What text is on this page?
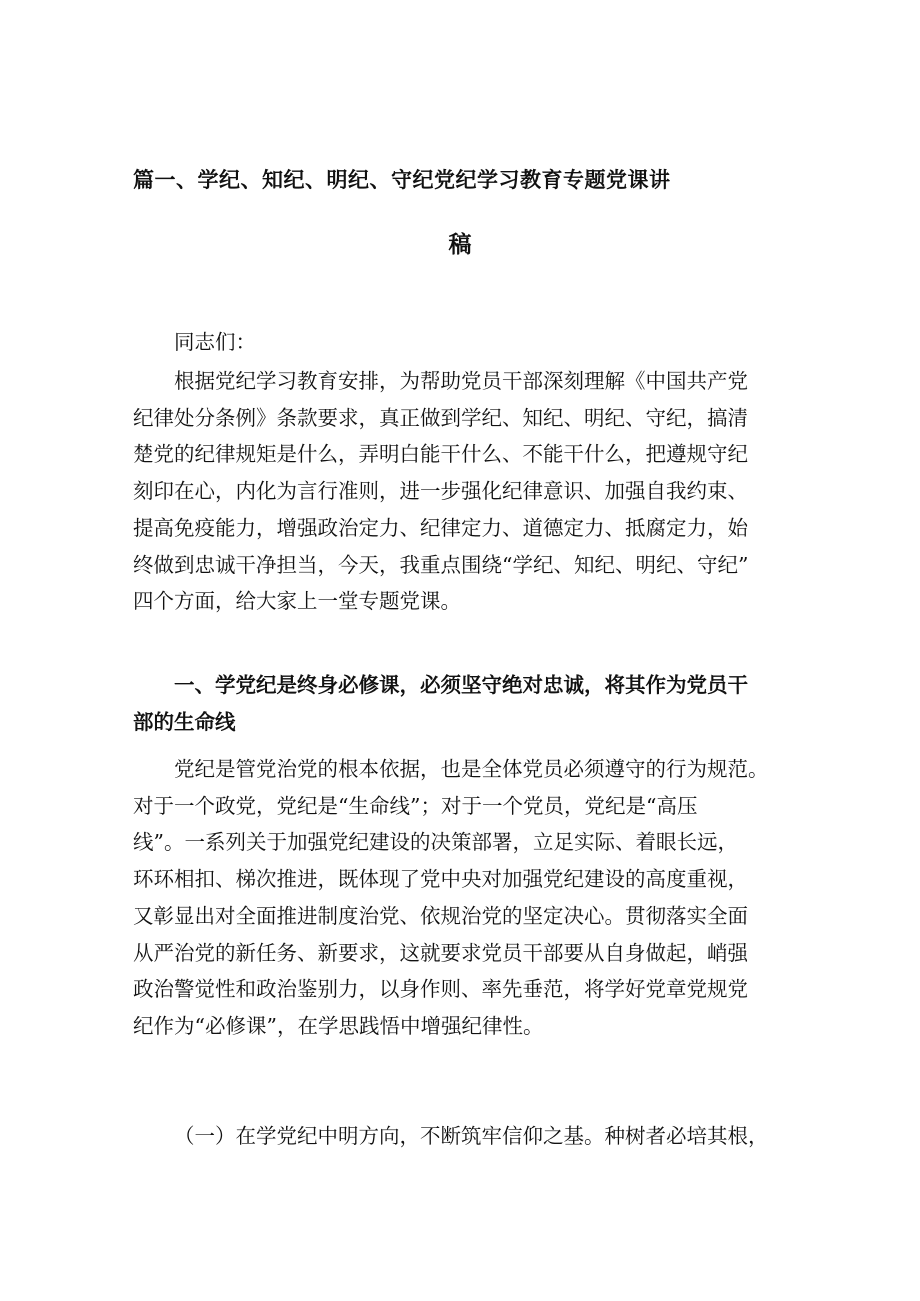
篇一、学纪、知纪、明纪、守纪党纪学习教育专题党课讲
稿
同志们：
根据党纪学习教育安排，为帮助党员干部深刻理解《中国共产党
纪律处分条例》条款要求，真正做到学纪、知纪、明纪、守纪，搞清
楚党的纪律规矩是什么，弄明白能干什么、不能干什么，把遵规守纪
刻印在心，内化为言行准则，进一步强化纪律意识、加强自我约束、
提高免疫能力，增强政治定力、纪律定力、道德定力、抵腐定力，始
终做到忠诚干净担当，今天，我重点围绕“学纪、知纪、明纪、守纪”
四个方面，给大家上一堂专题党课。
一、学党纪是终身必修课，必须坚守绝对忠诚，将其作为党员干
部的生命线
党纪是管党治党的根本依据，也是全体党员必须遵守的行为规范。
对于一个政党，党纪是“生命线”；对于一个党员，党纪是“高压
线”。一系列关于加强党纪建设的决策部署，立足实际、着眼长远，
环环相扣、梯次推进，既体现了党中央对加强党纪建设的高度重视，
又彰显出对全面推进制度治党、依规治党的坚定决心。贯彻落实全面
从严治党的新任务、新要求，这就要求党员干部要从自身做起，峭强
政治警觉性和政治鉴别力，以身作则、率先垂范，将学好党章党规党
纪作为“必修课”，在学思践悟中增强纪律性。
（一）在学党纪中明方向，不断筑牢信仰之基。种树者必培其根，
